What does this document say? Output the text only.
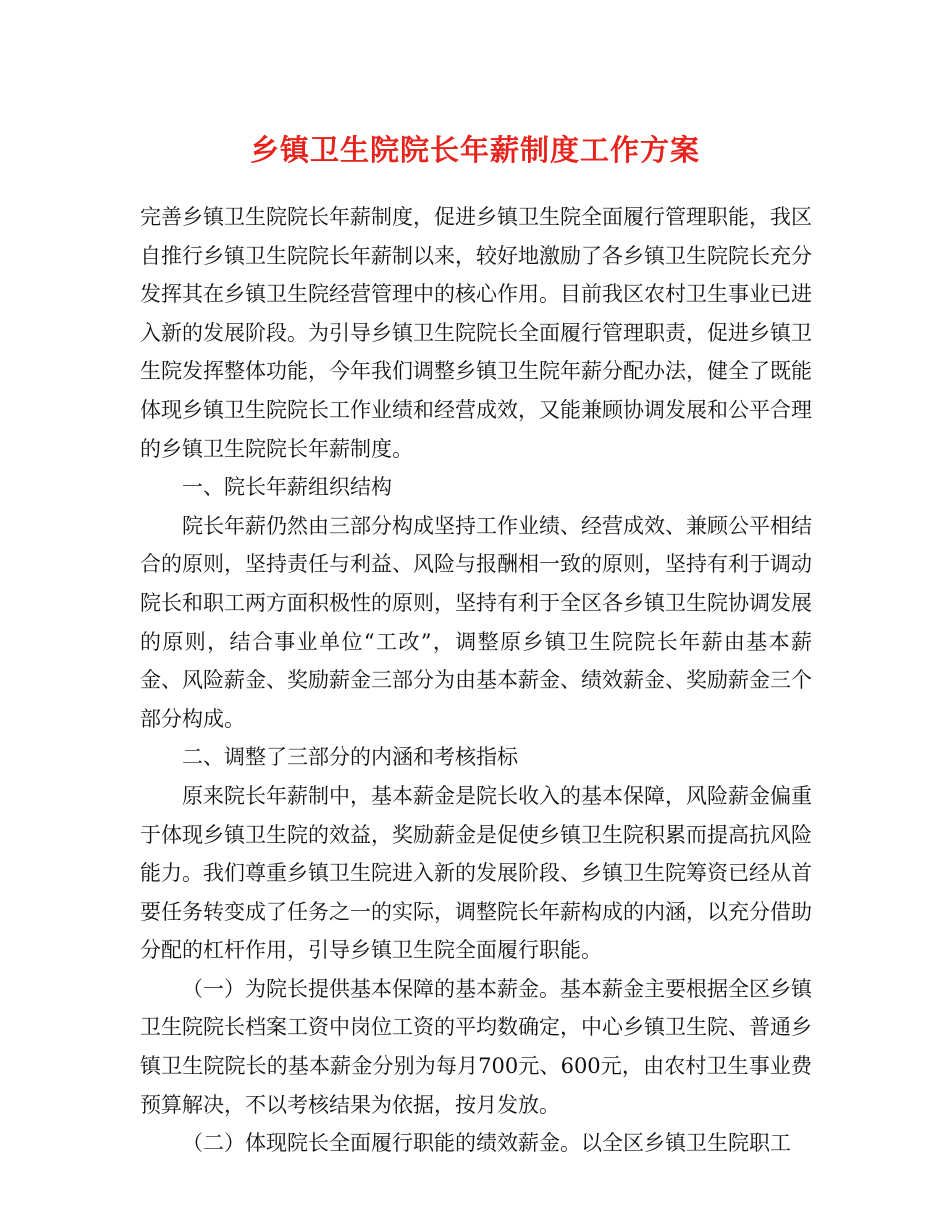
乡镇卫生院院长年薪制度工作方案

完善乡镇卫生院院长年薪制度，促进乡镇卫生院全面履行管理职能，我区自推行乡镇卫生院院长年薪制以来，较好地激励了各乡镇卫生院院长充分发挥其在乡镇卫生院经营管理中的核心作用。目前我区农村卫生事业已进入新的发展阶段。为引导乡镇卫生院院长全面履行管理职责，促进乡镇卫生院发挥整体功能，今年我们调整乡镇卫生院年薪分配办法，健全了既能体现乡镇卫生院院长工作业绩和经营成效，又能兼顾协调发展和公平合理的乡镇卫生院院长年薪制度。

一、院长年薪组织结构

院长年薪仍然由三部分构成坚持工作业绩、经营成效、兼顾公平相结合的原则，坚持责任与利益、风险与报酬相一致的原则，坚持有利于调动院长和职工两方面积极性的原则，坚持有利于全区各乡镇卫生院协调发展的原则，结合事业单位“工改”，调整原乡镇卫生院院长年薪由基本薪金、风险薪金、奖励薪金三部分为由基本薪金、绩效薪金、奖励薪金三个部分构成。

二、调整了三部分的内涵和考核指标

原来院长年薪制中，基本薪金是院长收入的基本保障，风险薪金偏重于体现乡镇卫生院的效益，奖励薪金是促使乡镇卫生院积累而提高抗风险能力。我们尊重乡镇卫生院进入新的发展阶段、乡镇卫生院筹资已经从首要任务转变成了任务之一的实际，调整院长年薪构成的内涵，以充分借助分配的杠杆作用，引导乡镇卫生院全面履行职能。

（一）为院长提供基本保障的基本薪金。基本薪金主要根据全区乡镇卫生院院长档案工资中岗位工资的平均数确定，中心乡镇卫生院、普通乡镇卫生院院长的基本薪金分别为每月700元、600元，由农村卫生事业费预算解决，不以考核结果为依据，按月发放。

（二）体现院长全面履行职能的绩效薪金。以全区乡镇卫生院职工
